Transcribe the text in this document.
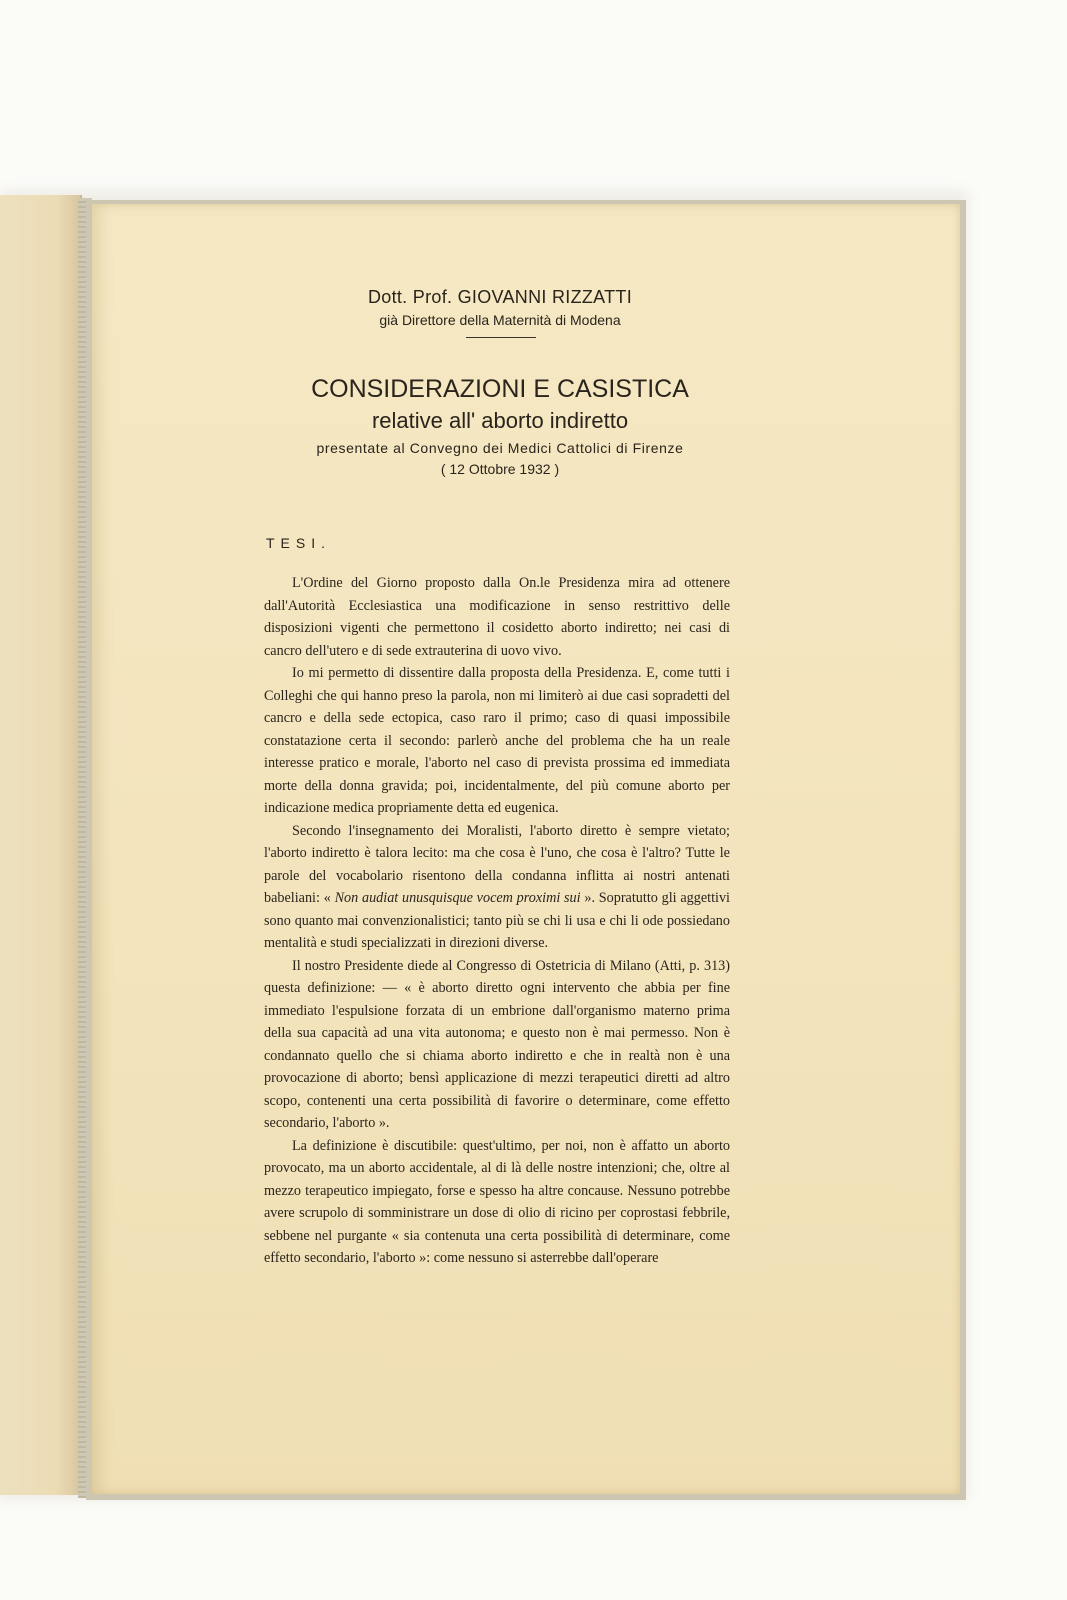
Dott. Prof. GIOVANNI RIZZATTI
già Direttore della Maternità di Modena
CONSIDERAZIONI E CASISTICA
relative all' aborto indiretto
presentate al Convegno dei Medici Cattolici di Firenze
( 12 Ottobre 1932 )
TESI.

L'Ordine del Giorno proposto dalla On.le Presidenza mira ad ottenere dall'Autorità Ecclesiastica una modificazione in senso restrittivo delle disposizioni vigenti che permettono il cosidetto aborto indiretto; nei casi di cancro dell'utero e di sede extrauterina di uovo vivo.

Io mi permetto di dissentire dalla proposta della Presidenza. E, come tutti i Colleghi che qui hanno preso la parola, non mi limiterò ai due casi sopradetti del cancro e della sede ectopica, caso raro il primo; caso di quasi impossibile constatazione certa il secondo: parlerò anche del problema che ha un reale interesse pratico e morale, l'aborto nel caso di prevista prossima ed immediata morte della donna gravida; poi, incidentalmente, del più comune aborto per indicazione medica propriamente detta ed eugenica.

Secondo l'insegnamento dei Moralisti, l'aborto diretto è sempre vietato; l'aborto indiretto è talora lecito: ma che cosa è l'uno, che cosa è l'altro? Tutte le parole del vocabolario risentono della condanna inflitta ai nostri antenati babeliani: « Non audiat unusquisque vocem proximi sui ». Sopratutto gli aggettivi sono quanto mai convenzionalistici; tanto più se chi li usa e chi li ode possiedano mentalità e studi specializzati in direzioni diverse.

Il nostro Presidente diede al Congresso di Ostetricia di Milano (Atti, p. 313) questa definizione: — « è aborto diretto ogni intervento che abbia per fine immediato l'espulsione forzata di un embrione dall'organismo materno prima della sua capacità ad una vita autonoma; e questo non è mai permesso. Non è condannato quello che si chiama aborto indiretto e che in realtà non è una provocazione di aborto; bensì applicazione di mezzi terapeutici diretti ad altro scopo, contenenti una certa possibilità di favorire o determinare, come effetto secondario, l'aborto ».

La definizione è discutibile: quest'ultimo, per noi, non è affatto un aborto provocato, ma un aborto accidentale, al di là delle nostre intenzioni; che, oltre al mezzo terapeutico impiegato, forse e spesso ha altre concause. Nessuno potrebbe avere scrupolo di somministrare un dose di olio di ricino per coprostasi febbrile, sebbene nel purgante « sia contenuta una certa possibilità di determinare, come effetto secondario, l'aborto »: come nessuno si asterrebbe dall'operare
